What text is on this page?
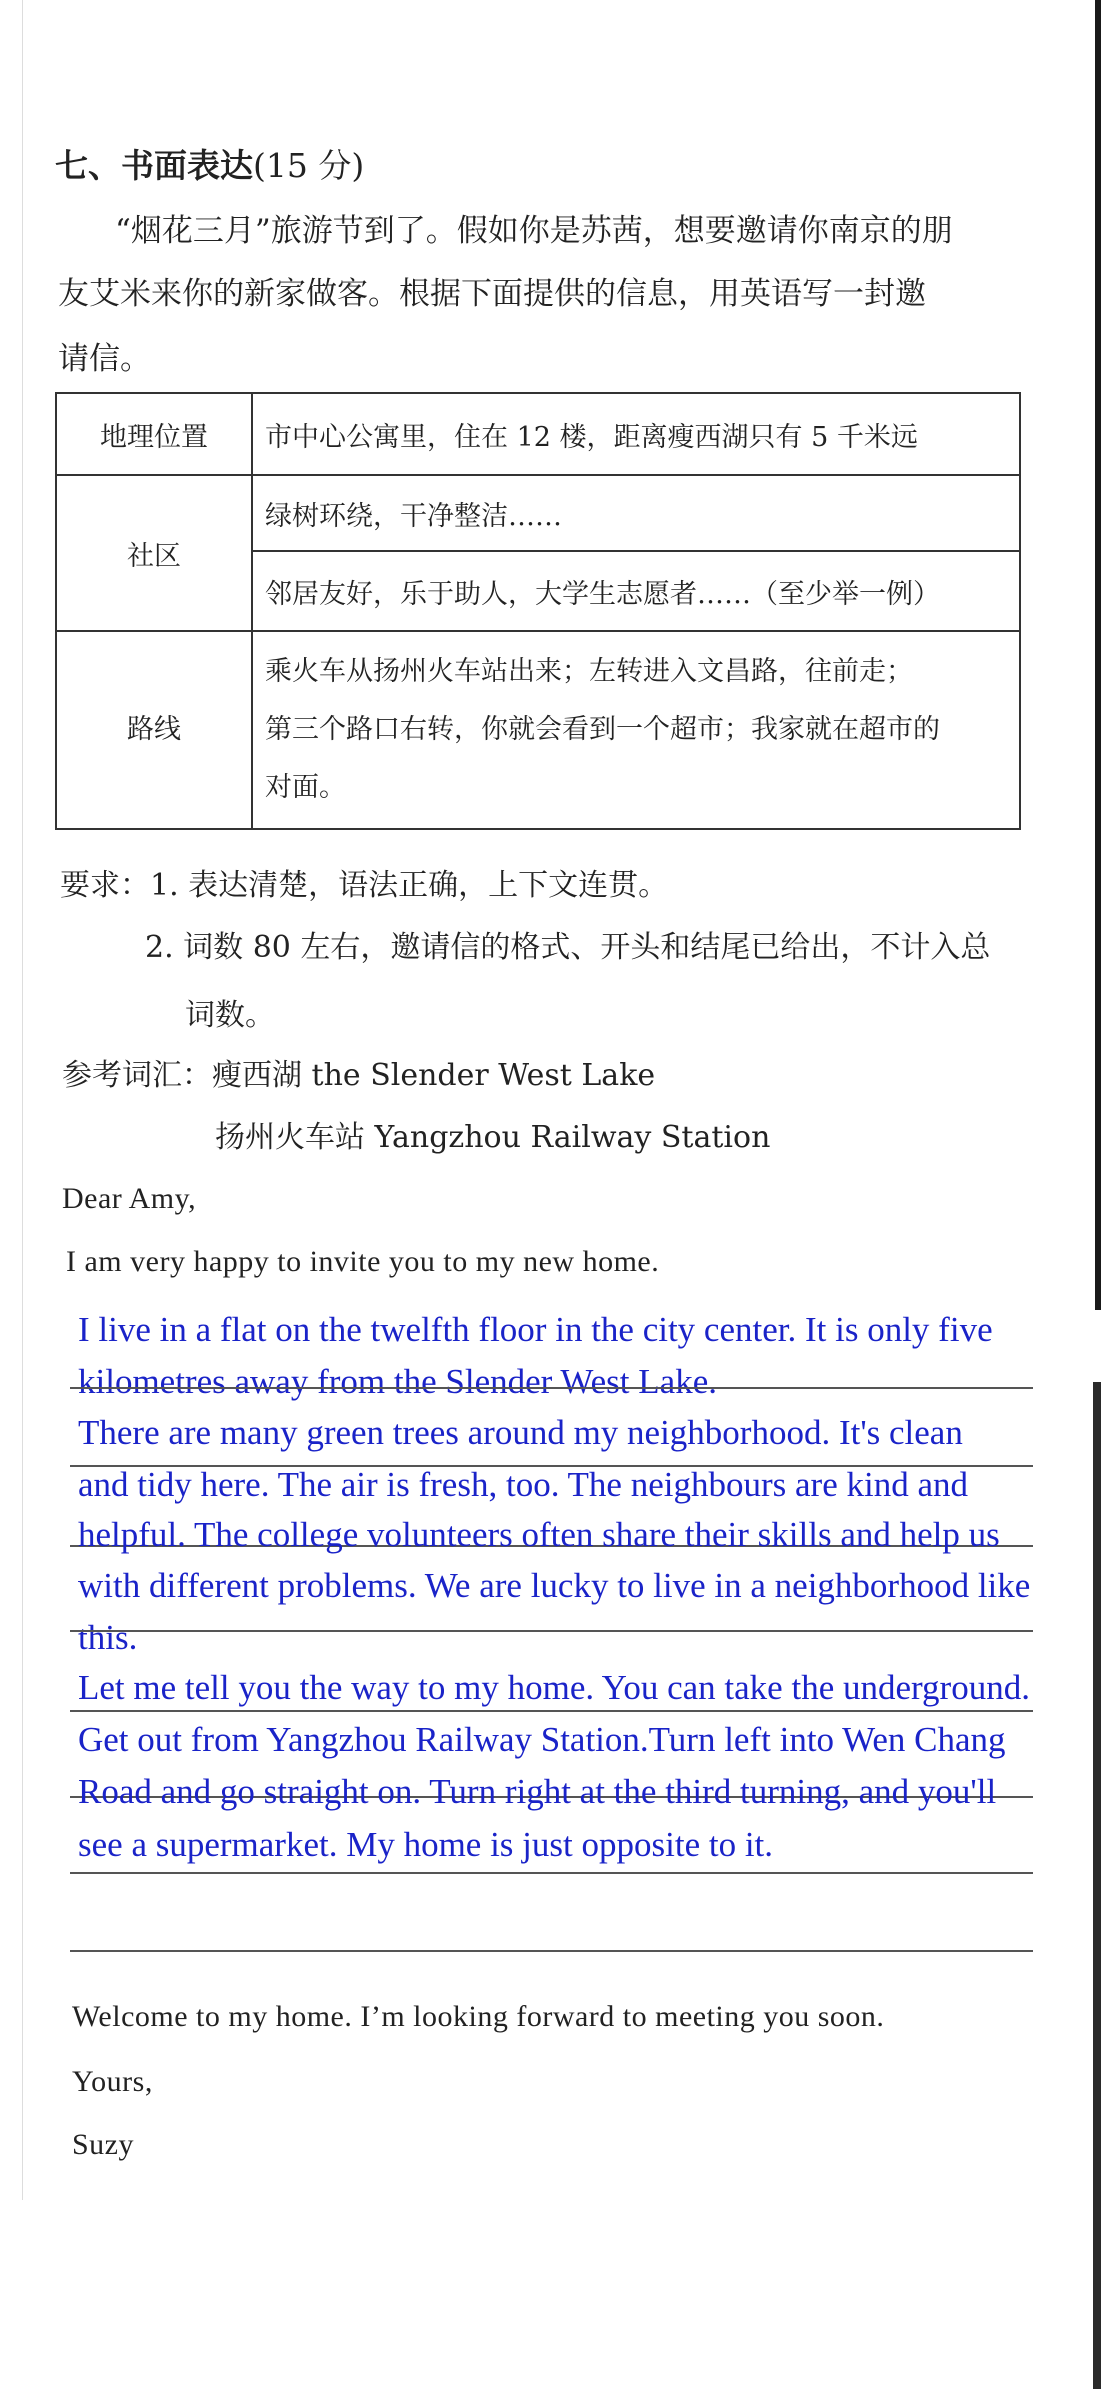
七、书面表达(15 分)
“烟花三月”旅游节到了。假如你是苏茜，想要邀请你南京的朋
友艾米来你的新家做客。根据下面提供的信息，用英语写一封邀
请信。
地理位置	市中心公寓里，住在 12 楼，距离瘦西湖只有 5 千米远
社区	绿树环绕，干净整洁……
	邻居友好，乐于助人，大学生志愿者……（至少举一例）
路线	乘火车从扬州火车站出来；左转进入文昌路，往前走；
第三个路口右转，你就会看到一个超市；我家就在超市的
对面。
要求：1. 表达清楚，语法正确，上下文连贯。
2. 词数 80 左右，邀请信的格式、开头和结尾已给出，不计入总
词数。
参考词汇：瘦西湖 the Slender West Lake
扬州火车站 Yangzhou Railway Station
Dear Amy,
I am very happy to invite you to my new home.
I live in a flat on the twelfth floor in the city center. It is only five
kilometres away from the Slender West Lake.
There are many green trees around my neighborhood. It's clean
and tidy here. The air is fresh, too. The neighbours are kind and
helpful. The college volunteers often share their skills and help us
with different problems. We are lucky to live in a neighborhood like
this.
Let me tell you the way to my home. You can take the underground.
Get out from Yangzhou Railway Station.Turn left into Wen Chang
Road and go straight on. Turn right at the third turning, and you'll
see a supermarket. My home is just opposite to it.
Welcome to my home. I’m looking forward to meeting you soon.
Yours,
Suzy
